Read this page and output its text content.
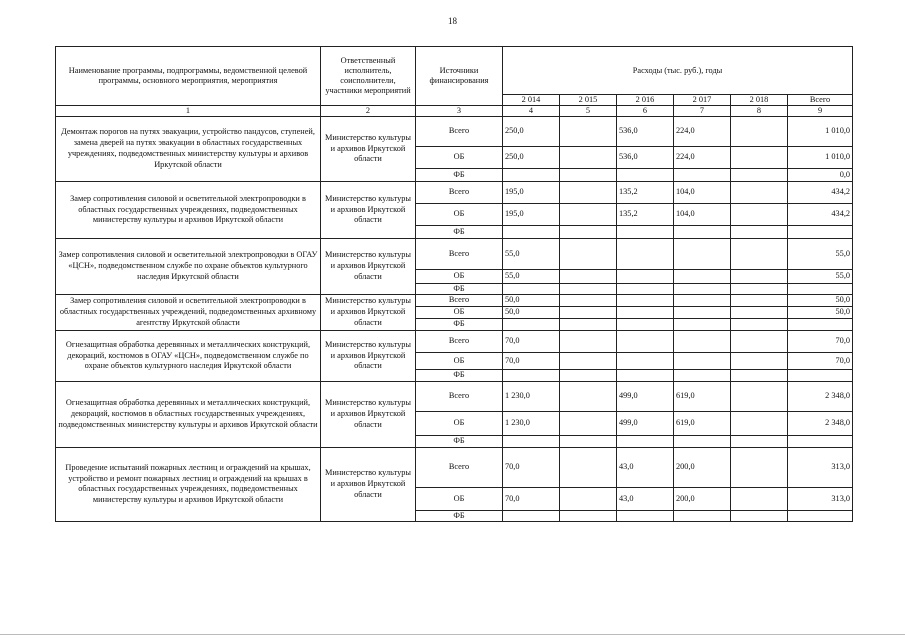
18
Наименование программы, подпрограммы, ведомственной целевой программы, основного мероприятия, мероприятия	Ответственный исполнитель, соисполнители, участники мероприятий	Источники финансирования	Расходы (тыс. руб.), годы					
			2 014	2 015	2 016	2 017	2 018	Всего
1	2	3	4	5	6	7	8	9
Демонтаж порогов на путях эвакуации, устройство пандусов, ступеней, замена дверей на путях эвакуации в областных государственных учреждениях, подведомственных министерству культуры и архивов Иркутской области	Министерство культуры и архивов Иркутской области	Всего	250,0		536,0	224,0		1 010,0
		ОБ	250,0		536,0	224,0		1 010,0
		ФБ						0,0
Замер сопротивления силовой и осветительной электропроводки в областных государственных учреждениях, подведомственных министерству культуры и архивов Иркутской области	Министерство культуры и архивов Иркутской области	Всего	195,0		135,2	104,0		434,2
		ОБ	195,0		135,2	104,0		434,2
		ФБ						
Замер сопротивления силовой и осветительной электропроводки в ОГАУ «ЦСН», подведомственном службе по охране объектов культурного наследия Иркутской области	Министерство культуры и архивов Иркутской области	Всего	55,0					55,0
		ОБ	55,0					55,0
		ФБ						
Замер сопротивления силовой и осветительной электропроводки в областных государственных учреждений, подведомственных архивному агентству Иркутской области	Министерство культуры и архивов Иркутской области	Всего	50,0					50,0
		ОБ	50,0					50,0
		ФБ						
Огнезащитная обработка деревянных и металлических конструкций, декораций, костюмов в ОГАУ «ЦСН», подведомственном службе по охране объектов культурного наследия Иркутской области	Министерство культуры и архивов Иркутской области	Всего	70,0					70,0
		ОБ	70,0					70,0
		ФБ						
Огнезащитная обработка деревянных и металлических конструкций, декораций, костюмов в областных государственных учреждениях, подведомственных министерству культуры и архивов Иркутской области	Министерство культуры и архивов Иркутской области	Всего	1 230,0		499,0	619,0		2 348,0
		ОБ	1 230,0		499,0	619,0		2 348,0
		ФБ						
Проведение испытаний пожарных лестниц и ограждений на крышах, устройство и ремонт пожарных лестниц и ограждений на крышах в областных государственных учреждениях, подведомственных министерству культуры и архивов Иркутской области	Министерство культуры и архивов Иркутской области	Всего	70,0		43,0	200,0		313,0
		ОБ	70,0		43,0	200,0		313,0
		ФБ						
